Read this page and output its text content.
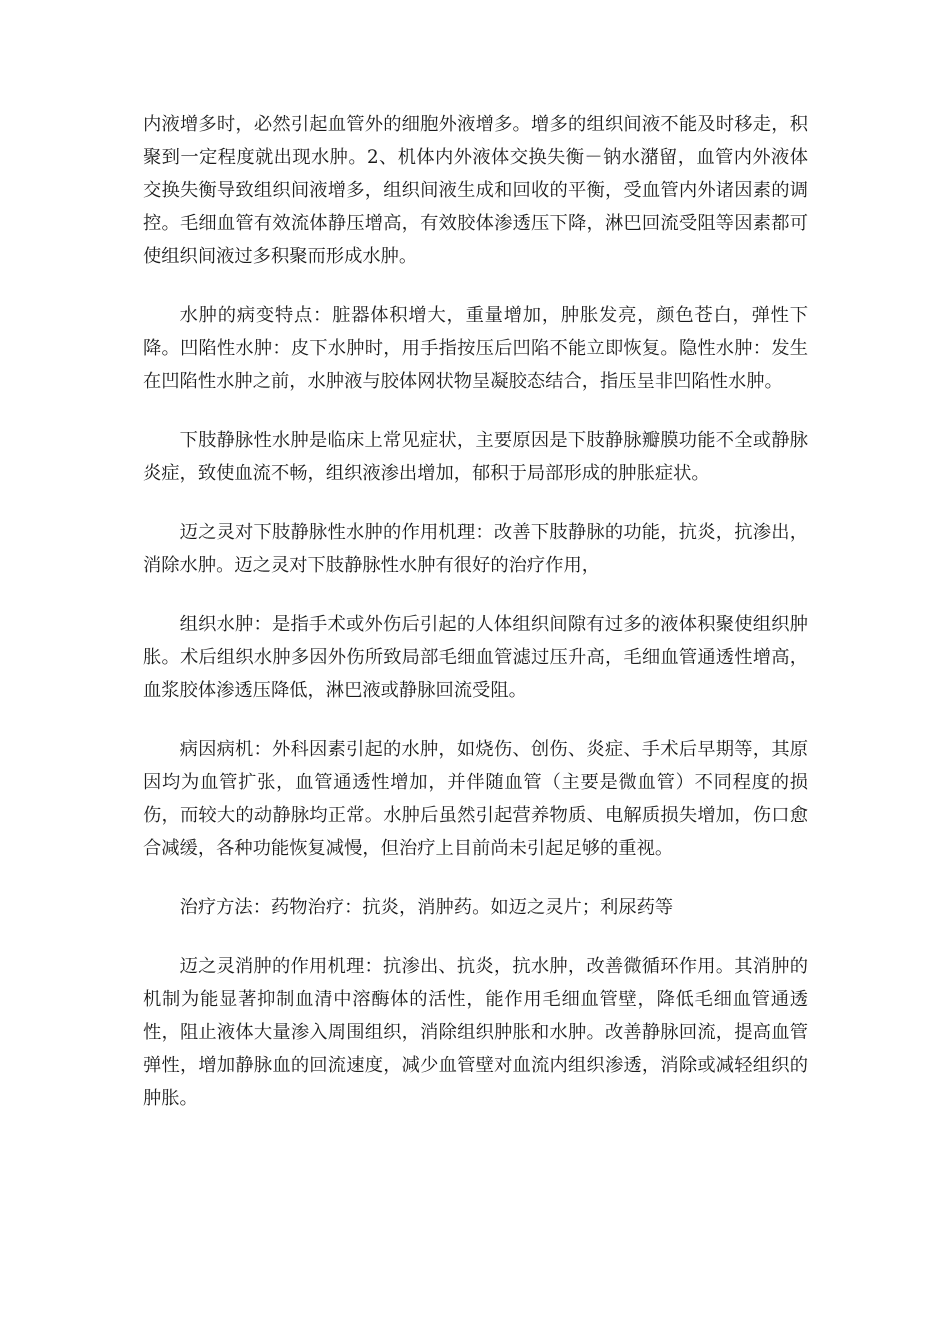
内液增多时，必然引起血管外的细胞外液增多。增多的组织间液不能及时移走，积聚到一定程度就出现水肿。2、机体内外液体交换失衡－钠水潴留，血管内外液体交换失衡导致组织间液增多，组织间液生成和回收的平衡，受血管内外诸因素的调控。毛细血管有效流体静压增高，有效胶体渗透压下降，淋巴回流受阻等因素都可使组织间液过多积聚而形成水肿。

水肿的病变特点：脏器体积增大，重量增加，肿胀发亮，颜色苍白，弹性下降。凹陷性水肿：皮下水肿时，用手指按压后凹陷不能立即恢复。隐性水肿：发生在凹陷性水肿之前，水肿液与胶体网状物呈凝胶态结合，指压呈非凹陷性水肿。

下肢静脉性水肿是临床上常见症状，主要原因是下肢静脉瓣膜功能不全或静脉炎症，致使血流不畅，组织液渗出增加，郁积于局部形成的肿胀症状。

迈之灵对下肢静脉性水肿的作用机理：改善下肢静脉的功能，抗炎，抗渗出，消除水肿。迈之灵对下肢静脉性水肿有很好的治疗作用，

组织水肿：是指手术或外伤后引起的人体组织间隙有过多的液体积聚使组织肿胀。术后组织水肿多因外伤所致局部毛细血管滤过压升高，毛细血管通透性增高，血浆胶体渗透压降低，淋巴液或静脉回流受阻。

病因病机：外科因素引起的水肿，如烧伤、创伤、炎症、手术后早期等，其原因均为血管扩张，血管通透性增加，并伴随血管（主要是微血管）不同程度的损伤，而较大的动静脉均正常。水肿后虽然引起营养物质、电解质损失增加，伤口愈合减缓，各种功能恢复减慢，但治疗上目前尚未引起足够的重视。

治疗方法：药物治疗：抗炎，消肿药。如迈之灵片；利尿药等

迈之灵消肿的作用机理：抗渗出、抗炎，抗水肿，改善微循环作用。其消肿的机制为能显著抑制血清中溶酶体的活性，能作用毛细血管壁，降低毛细血管通透性，阻止液体大量渗入周围组织，消除组织肿胀和水肿。改善静脉回流，提高血管弹性，增加静脉血的回流速度，减少血管壁对血流内组织渗透，消除或减轻组织的肿胀。
